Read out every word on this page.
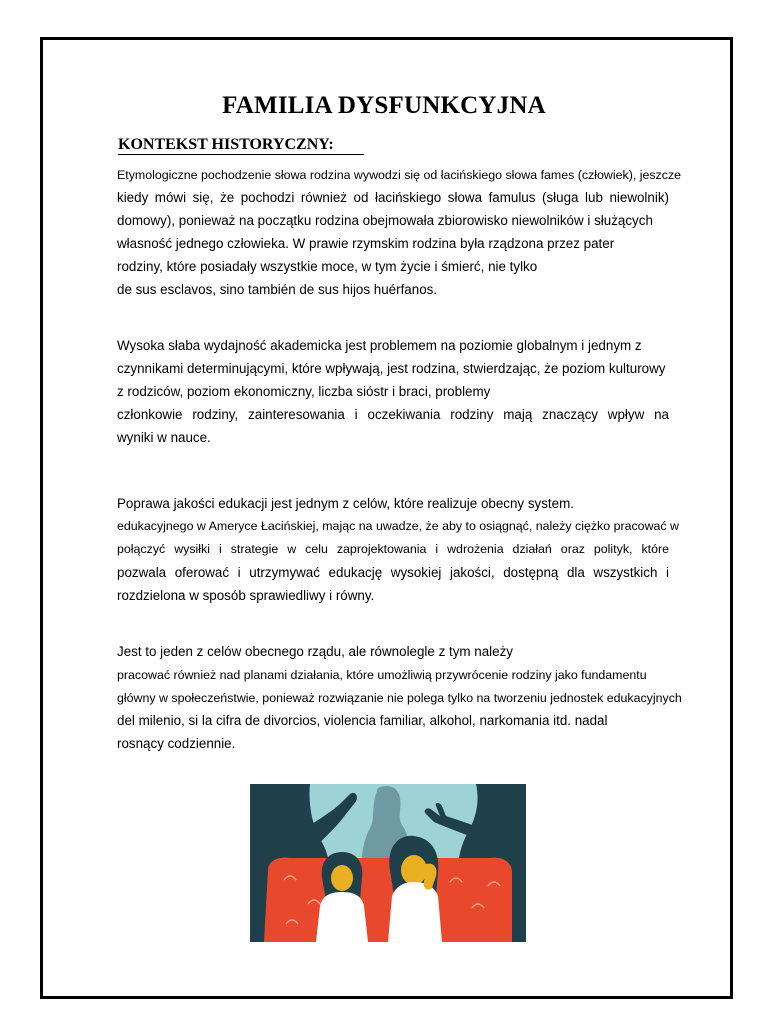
FAMILIA DYSFUNKCYJNA
KONTEKST HISTORYCZNY:
Etymologiczne pochodzenie słowa rodzina wywodzi się od łacińskiego słowa fames (człowiek), jeszcze
kiedy mówi się, że pochodzi również od łacińskiego słowa famulus (sługa lub niewolnik)
domowy), ponieważ na początku rodzina obejmowała zbiorowisko niewolników i służących
własność jednego człowieka. W prawie rzymskim rodzina była rządzona przez pater
rodziny, które posiadały wszystkie moce, w tym życie i śmierć, nie tylko
de sus esclavos, sino también de sus hijos huérfanos.
Wysoka słaba wydajność akademicka jest problemem na poziomie globalnym i jednym z
czynnikami determinującymi, które wpływają, jest rodzina, stwierdzając, że poziom kulturowy
z rodziców, poziom ekonomiczny, liczba sióstr i braci, problemy
członkowie rodziny, zainteresowania i oczekiwania rodziny mają znaczący wpływ na
wyniki w nauce.
Poprawa jakości edukacji jest jednym z celów, które realizuje obecny system.
edukacyjnego w Ameryce Łacińskiej, mając na uwadze, że aby to osiągnąć, należy ciężko pracować w
połączyć wysiłki i strategie w celu zaprojektowania i wdrożenia działań oraz polityk, które
pozwala oferować i utrzymywać edukację wysokiej jakości, dostępną dla wszystkich i
rozdzielona w sposób sprawiedliwy i równy.
Jest to jeden z celów obecnego rządu, ale równolegle z tym należy
pracować również nad planami działania, które umożliwią przywrócenie rodziny jako fundamentu
główny w społeczeństwie, ponieważ rozwiązanie nie polega tylko na tworzeniu jednostek edukacyjnych
del milenio, si la cifra de divorcios, violencia familiar, alkohol, narkomania itd. nadal
rosnący codziennie.
